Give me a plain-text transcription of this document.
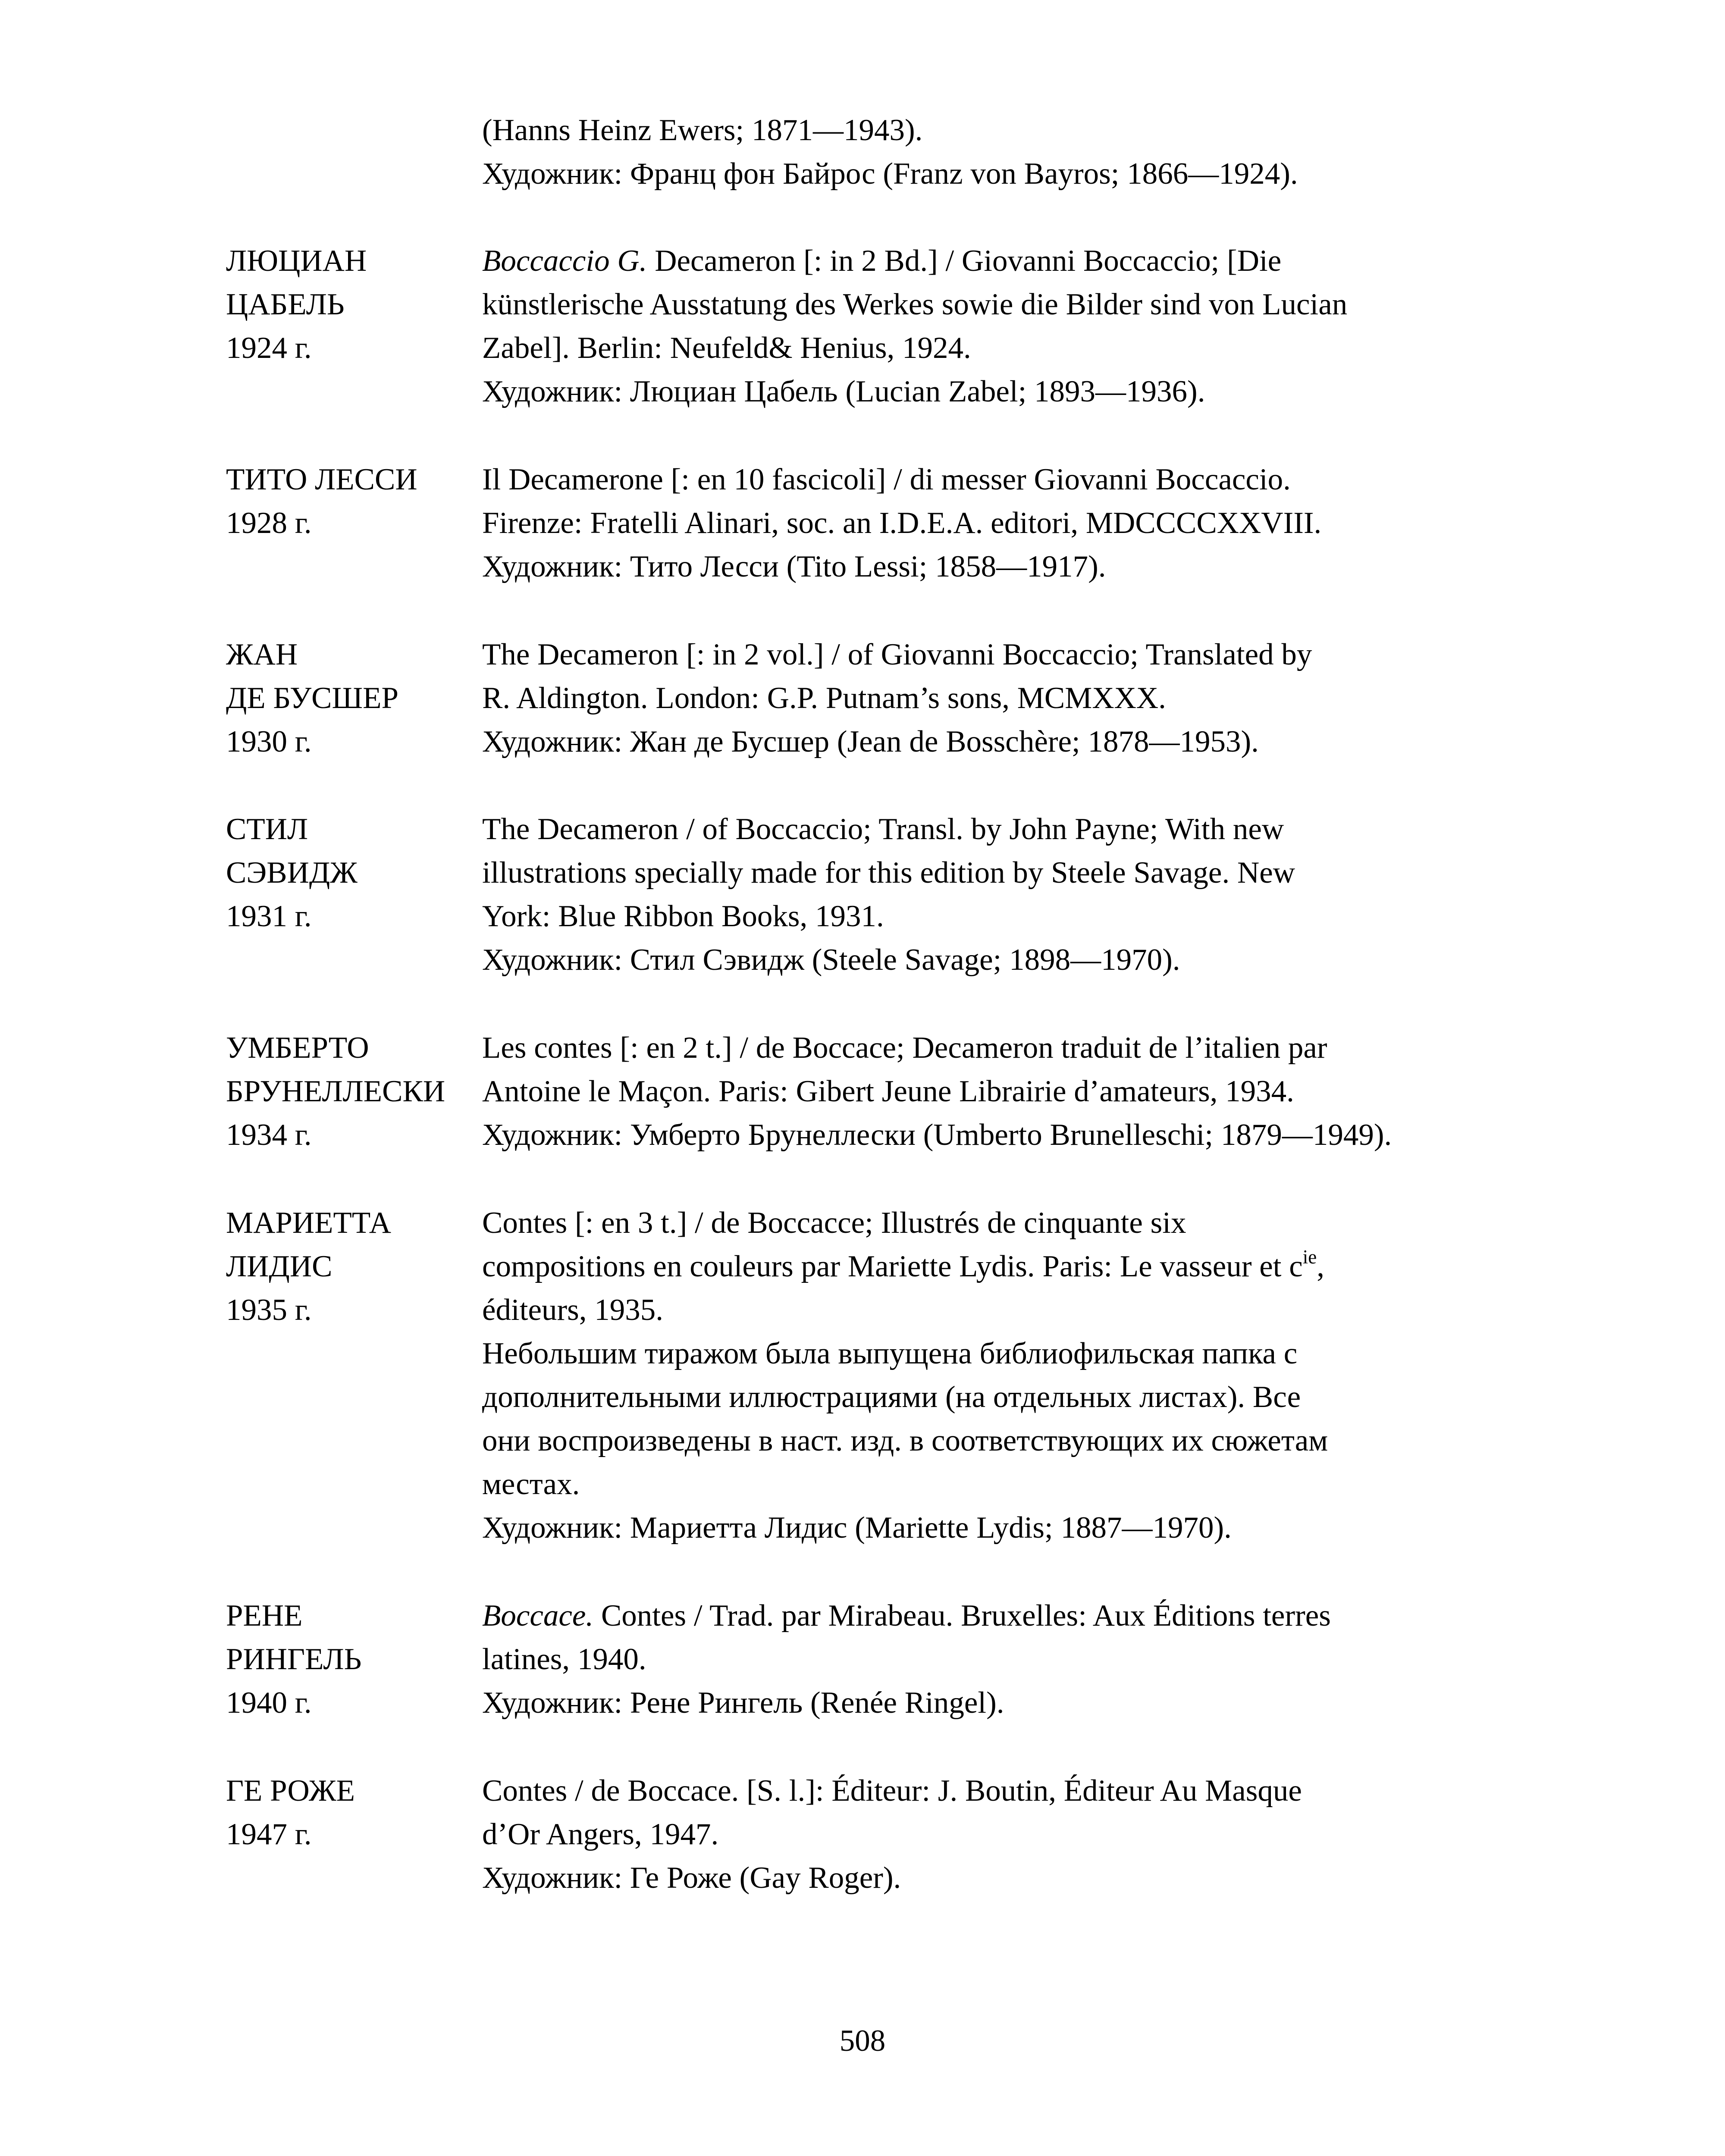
(Hanns Heinz Ewers; 1871—1943).
Художник: Франц фон Байрос (Franz von Bayros; 1866—1924).
ЛЮЦИАН
ЦАБЕЛЬ
1924 г.
Boccaccio G. Decameron [: in 2 Bd.] / Giovanni Boccaccio; [Die
künstlerische Ausstatung des Werkes sowie die Bilder sind von Lucian
Zabel]. Berlin: Neufeld& Henius, 1924.
Художник: Люциан Цабель (Lucian Zabel; 1893—1936).
ТИТО ЛЕССИ
1928 г.
Il Decamerone [: en 10 fascicoli] / di messer Giovanni Boccaccio.
Firenze: Fratelli Alinari, soc. an I.D.E.A. editori, MDCCCCXXVIII.
Художник: Тито Лесси (Tito Lessi; 1858—1917).
ЖАН
ДЕ БУСШЕР
1930 г.
The Decameron [: in 2 vol.] / of Giovanni Boccaccio; Translated by
R. Aldington. London: G.P. Putnam’s sons, MCMXXX.
Художник: Жан де Бусшер (Jean de Bosschère; 1878—1953).
СТИЛ
СЭВИДЖ
1931 г.
The Decameron / of Boccaccio; Transl. by John Payne; With new
illustrations specially made for this edition by Steele Savage. New
York: Blue Ribbon Books, 1931.
Художник: Стил Сэвидж (Steele Savage; 1898—1970).
УМБЕРТО
БРУНЕЛЛЕСКИ
1934 г.
Les contes [: en 2 t.] / de Boccace; Decameron traduit de l’italien par
Antoine le Maçon. Paris: Gibert Jeune Librairie d’amateurs, 1934.
Художник: Умберто Брунеллески (Umberto Brunelleschi; 1879—1949).
МАРИЕТТА
ЛИДИС
1935 г.
Contes [: en 3 t.] / de Boccacce; Illustrés de cinquante six
compositions en couleurs par Mariette Lydis. Paris: Le vasseur et $c^{ie}$,
éditeurs, 1935.
Небольшим тиражом была выпущена библиофильская папка с
дополнительными иллюстрациями (на отдельных листах). Все
они воспроизведены в наст. изд. в соответствующих их сюжетам
местах.
Художник: Мариетта Лидис (Mariette Lydis; 1887—1970).
РЕНЕ
РИНГЕЛЬ
1940 г.
Boccace. Contes / Trad. par Mirabeau. Bruxelles: Aux Éditions terres
latines, 1940.
Художник: Рене Рингель (Renée Ringel).
ГЕ РОЖЕ
1947 г.
Contes / de Boccace. [S. l.]: Éditeur: J. Boutin, Éditeur Au Masque
d’Or Angers, 1947.
Художник: Ге Роже (Gay Roger).
508
